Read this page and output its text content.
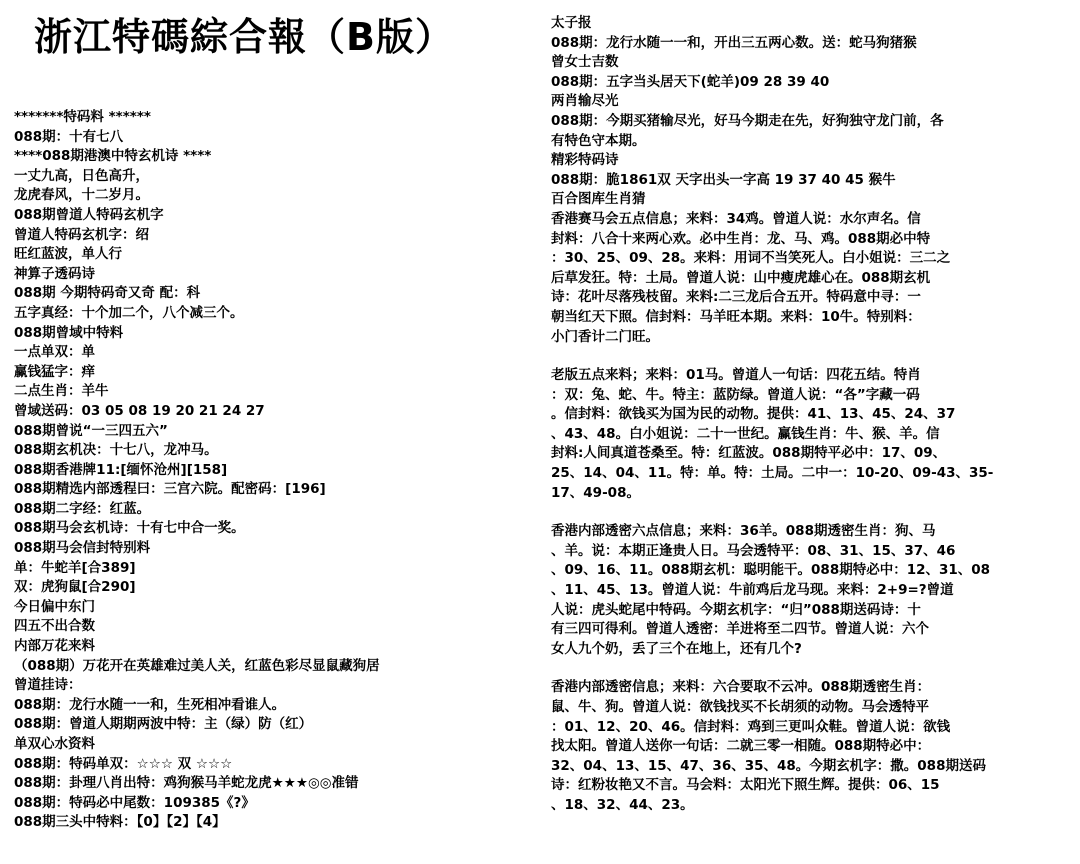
浙江特碼綜合報（B版）
*******特码料 ******
088期：十有七八
****088期港澳中特玄机诗 ****
一丈九高，日色高升，
龙虎春风，十二岁月。
088期曾道人特码玄机字
曾道人特码玄机字：绍
旺红蓝波，单人行
神算子透码诗
088期 今期特码奇又奇 配：科
五字真经：十个加二个，八个减三个。
088期曾域中特料
一点单双：单
赢钱猛字：痒
二点生肖：羊牛
曾域送码：03 05 08 19 20 21 24 27
088期曾说“一三四五六”
088期玄机决：十七八，龙冲马。
088期香港牌11:[缅怀沧州][158]
088期精选内部透程曰：三宫六院。配密码：[196]
088期二字经：红蓝。
088期马会玄机诗：十有七中合一奖。
088期马会信封特别料
单：牛蛇羊[合389]
双：虎狗鼠[合290]
今日偏中东门
四五不出合数
内部万花来料
（088期）万花开在英雄难过美人关，红蓝色彩尽显鼠藏狗居
曾道挂诗：
088期：龙行水随一一和，生死相冲看谁人。
088期：曾道人期期两波中特：主（绿）防（红）
单双心水资料
088期：特码单双：☆☆☆ 双 ☆☆☆
088期：卦理八肖出特：鸡狗猴马羊蛇龙虎★★★◎◎准错
088期：特码必中尾数：109385《?》
088期三头中特料：【0】【2】【4】
太子报
088期：龙行水随一一和，开出三五两心数。送：蛇马狗猪猴
曾女士吉数
088期：五字当头居天下(蛇羊)09 28 39 40
两肖输尽光
088期：今期买猪输尽光，好马今期走在先，好狗独守龙门前，各
有特色守本期。
精彩特码诗
088期：脆1861双 天字出头一字高 19 37 40 45 猴牛
百合图库生肖猜
香港赛马会五点信息；来料：34鸡。曾道人说：水尔声名。信
封料：八合十来两心欢。必中生肖：龙、马、鸡。088期必中特
：30、25、09、28。来料：用词不当笑死人。白小姐说：三二之
后草发狂。特：土局。曾道人说：山中瘦虎雄心在。088期玄机
诗：花叶尽落残枝留。来料:二三龙后合五开。特码意中寻：一
朝当红天下照。信封料：马羊旺本期。来料：10牛。特别料：
小门香计二门旺。
老版五点来料；来料：01马。曾道人一句话：四花五结。特肖
：双：兔、蛇、牛。特主：蓝防绿。曾道人说：“各”字藏一码
。信封料：欲钱买为国为民的动物。提供：41、13、45、24、37
、43、48。白小姐说：二十一世纪。赢钱生肖：牛、猴、羊。信
封料:人间真道苍桑至。特：红蓝波。088期特平必中：17、09、
25、14、04、11。特：单。特：土局。二中一：10-20、09-43、35-
17、49-08。
香港内部透密六点信息；来料：36羊。088期透密生肖：狗、马
、羊。说：本期正逢贵人日。马会透特平：08、31、15、37、46
、09、16、11。088期玄机：聪明能干。088期特必中：12、31、08
、11、45、13。曾道人说：牛前鸡后龙马现。来料：2+9=?曾道
人说：虎头蛇尾中特码。今期玄机字：“归”088期送码诗：十
有三四可得利。曾道人透密：羊进将至二四节。曾道人说：六个
女人九个奶，丢了三个在地上，还有几个?
香港内部透密信息；来料：六合要取不云冲。088期透密生肖：
鼠、牛、狗。曾道人说：欲钱找买不长胡须的动物。马会透特平
：01、12、20、46。信封料：鸡到三更叫众鞋。曾道人说：欲钱
找太阳。曾道人送你一句话：二就三零一相随。088期特必中：
32、04、13、15、47、36、35、48。今期玄机字：撒。088期送码
诗：红粉妆艳又不言。马会料：太阳光下照生辉。提供：06、15
、18、32、44、23。
